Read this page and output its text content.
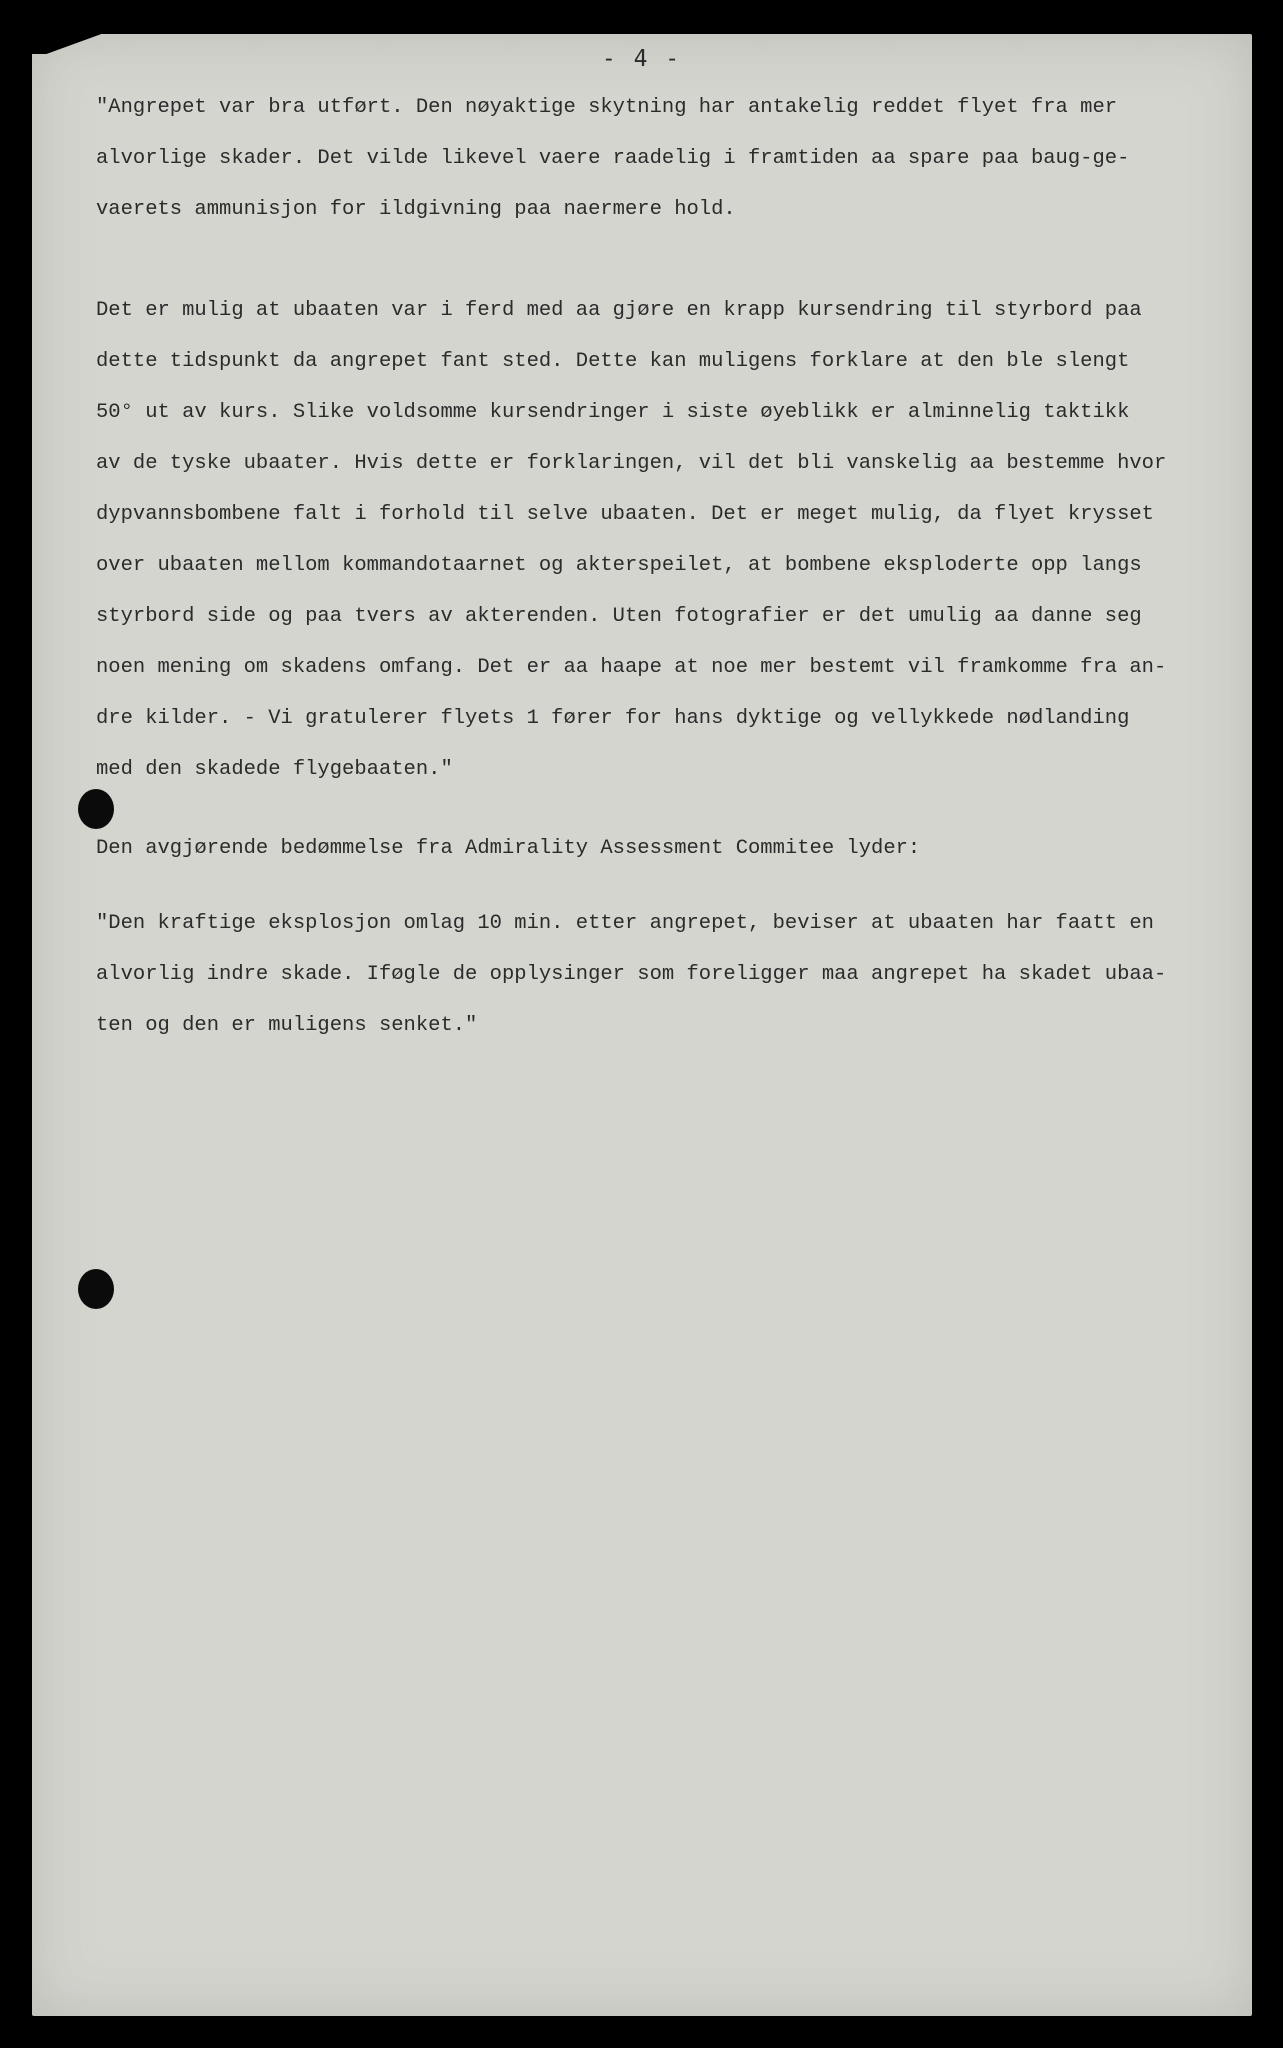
- 4 -
"Angrepet var bra utført. Den nøyaktige skytning har antakelig reddet flyet fra mer
alvorlige skader. Det vilde likevel vaere raadelig i framtiden aa spare paa baug-ge-
vaerets ammunisjon for ildgivning paa naermere hold.
Det er mulig at ubaaten var i ferd med aa gjøre en krapp kursendring til styrbord paa
dette tidspunkt da angrepet fant sted. Dette kan muligens forklare at den ble slengt
50° ut av kurs. Slike voldsomme kursendringer i siste øyeblikk er alminnelig taktikk
av de tyske ubaater. Hvis dette er forklaringen, vil det bli vanskelig aa bestemme hvor
dypvannsbombene falt i forhold til selve ubaaten. Det er meget mulig, da flyet krysset
over ubaaten mellom kommandotaarnet og akterspeilet, at bombene eksploderte opp langs
styrbord side og paa tvers av akterenden. Uten fotografier er det umulig aa danne seg
noen mening om skadens omfang. Det er aa haape at noe mer bestemt vil framkomme fra an-
dre kilder. - Vi gratulerer flyets 1 fører for hans dyktige og vellykkede nødlanding
med den skadede flygebaaten."
Den avgjørende bedømmelse fra Admirality Assessment Commitee lyder:
"Den kraftige eksplosjon omlag 10 min. etter angrepet, beviser at ubaaten har faatt en
alvorlig indre skade. Iføgle de opplysinger som foreligger maa angrepet ha skadet ubaa-
ten og den er muligens senket."
